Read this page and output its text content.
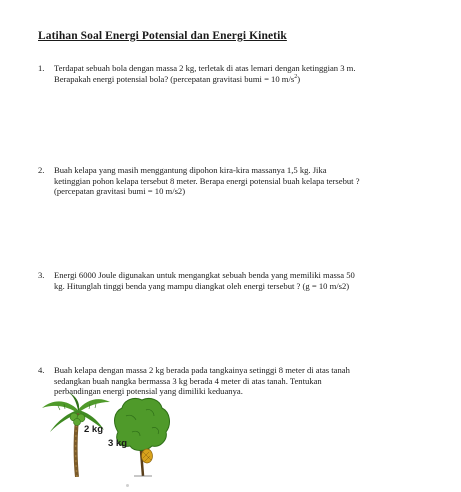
Latihan Soal Energi Potensial dan Energi Kinetik
1. Terdapat sebuah bola dengan massa 2 kg, terletak di atas lemari dengan ketinggian 3 m.
Berapakah energi potensial bola? (percepatan gravitasi bumi = 10 $m/s^2$)
2. Buah kelapa yang masih menggantung dipohon kira-kira massanya 1,5 kg. Jika
ketinggian pohon kelapa tersebut 8 meter. Berapa energi potensial buah kelapa tersebut ?
(percepatan gravitasi bumi = 10 m/s2)
3. Energi 6000 Joule digunakan untuk mengangkat sebuah benda yang memiliki massa 50
kg. Hitunglah tinggi benda yang mampu diangkat oleh energi tersebut ? (g = 10 m/s2)
4. Buah kelapa dengan massa 2 kg berada pada tangkainya setinggi 8 meter di atas tanah
sedangkan buah nangka bermassa 3 kg berada 4 meter di atas tanah. Tentukan
perbandingan energi potensial yang dimiliki keduanya.
2 kg
3 kg
